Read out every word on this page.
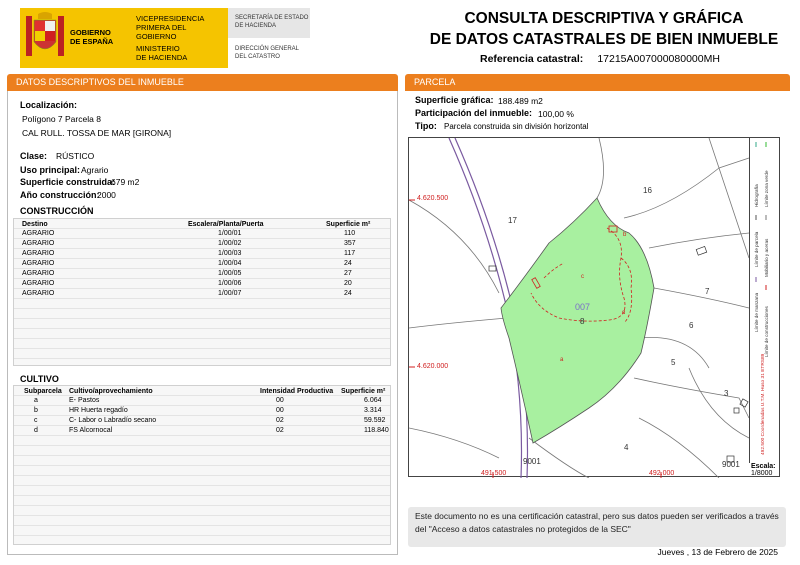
GOBIERNO
DE ESPAÑA
VICEPRESIDENCIA
PRIMERA DEL GOBIERNO
MINISTERIO
DE HACIENDA
SECRETARÍA DE ESTADO
DE HACIENDA
DIRECCIÓN GENERAL
DEL CATASTRO
CONSULTA DESCRIPTIVA Y GRÁFICA
DE DATOS CATASTRALES DE BIEN INMUEBLE
Referencia catastral: 17215A007000080000MH
DATOS DESCRIPTIVOS DEL INMUEBLE
Localización:
Polígono 7 Parcela 8
CAL RULL. TOSSA DE MAR [GIRONA]
Clase: RÚSTICO
Uso principal: Agrario
Superficie construida:
679 m2
Año construcción:
2000
CONSTRUCCIÓN
Destino	Escalera/Planta/Puerta	Superficie m²
AGRARIO	1/00/01	110
AGRARIO	1/00/02	357
AGRARIO	1/00/03	117
AGRARIO	1/00/04	24
AGRARIO	1/00/05	27
AGRARIO	1/00/06	20
AGRARIO	1/00/07	24
CULTIVO
Subparcela Cultivo/aprovechamiento	Intensidad Productiva Superficie m²
a	E- Pastos	00	6.064
b	HR Huerta regadío	00	3.314
c	C- Labor o Labradío secano	02	59.592
d	FS Alcornocal	02	118.840
PARCELA
Superficie gráfica: 188.489 m2
Participación del inmueble: 100,00 %
Tipo: Parcela construida sin división horizontal
4.620.500
4.620.000
491.500	492.000
16
17
8
7
6
5
3
4
9001	9001
007
a
b
c
d
Hidrografía Límite zona verde
Límite de parcela Mobiliario y aceras
Límite de manzana Límite de construcciones
492.500 Coordenadas U.T.M. Huso 31 ETRS89
Escala:
1/8000
Este documento no es una certificación catastral, pero sus datos pueden ser verificados a través del "Acceso a datos catastrales no protegidos de la SEC"
Jueves , 13 de Febrero de 2025
